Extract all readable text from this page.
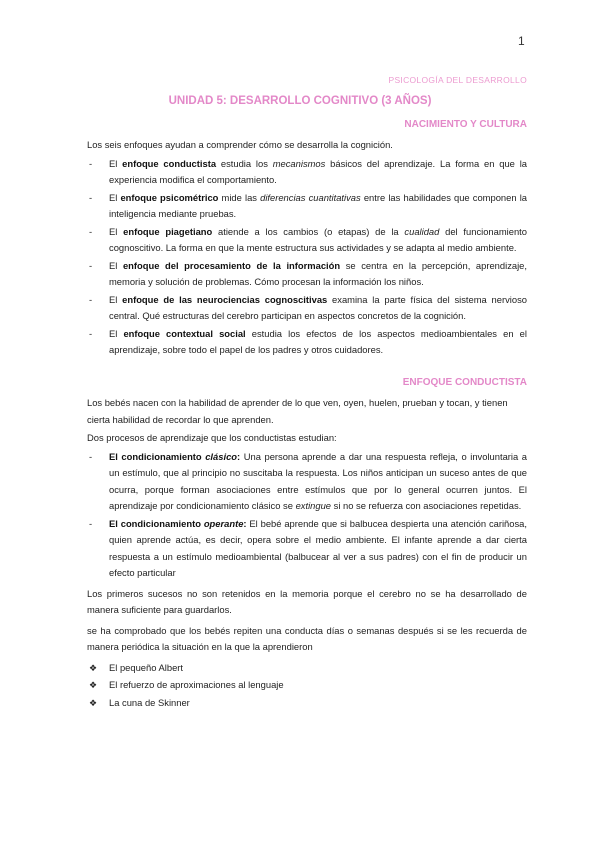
1
PSICOLOGÍA DEL DESARROLLO
UNIDAD 5: DESARROLLO COGNITIVO (3 AÑOS)
NACIMIENTO Y CULTURA

Los seis enfoques ayudan a comprender cómo se desarrolla la cognición.

- El enfoque conductista estudia los mecanismos básicos del aprendizaje. La forma en que la experiencia modifica el comportamiento.
- El enfoque psicométrico mide las diferencias cuantitativas entre las habilidades que componen la inteligencia mediante pruebas.
- El enfoque piagetiano atiende a los cambios (o etapas) de la cualidad del funcionamiento cognoscitivo. La forma en que la mente estructura sus actividades y se adapta al medio ambiente.
- El enfoque del procesamiento de la información se centra en la percepción, aprendizaje, memoria y solución de problemas. Cómo procesan la información los niños.
- El enfoque de las neurociencias cognoscitivas examina la parte física del sistema nervioso central. Qué estructuras del cerebro participan en aspectos concretos de la cognición.
- El enfoque contextual social estudia los efectos de los aspectos medioambientales en el aprendizaje, sobre todo el papel de los padres y otros cuidadores.
ENFOQUE CONDUCTISTA

Los bebés nacen con la habilidad de aprender de lo que ven, oyen, huelen, prueban y tocan, y tienen cierta habilidad de recordar lo que aprenden.

Dos procesos de aprendizaje que los conductistas estudian:

- El condicionamiento clásico: Una persona aprende a dar una respuesta refleja, o involuntaria a un estímulo, que al principio no suscitaba la respuesta. Los niños anticipan un suceso antes de que ocurra, porque forman asociaciones entre estímulos que por lo general ocurren juntos. El aprendizaje por condicionamiento clásico se extingue si no se refuerza con asociaciones repetidas.
- El condicionamiento operante: El bebé aprende que si balbucea despierta una atención cariñosa, quien aprende actúa, es decir, opera sobre el medio ambiente. El infante aprende a dar cierta respuesta a un estímulo medioambiental (balbucear al ver a sus padres) con el fin de producir un efecto particular

Los primeros sucesos no son retenidos en la memoria porque el cerebro no se ha desarrollado de manera suficiente para guardarlos.

se ha comprobado que los bebés repiten una conducta días o semanas después si se les recuerda de manera periódica la situación en la que la aprendieron

❖ El pequeño Albert
❖ El refuerzo de aproximaciones al lenguaje
❖ La cuna de Skinner
